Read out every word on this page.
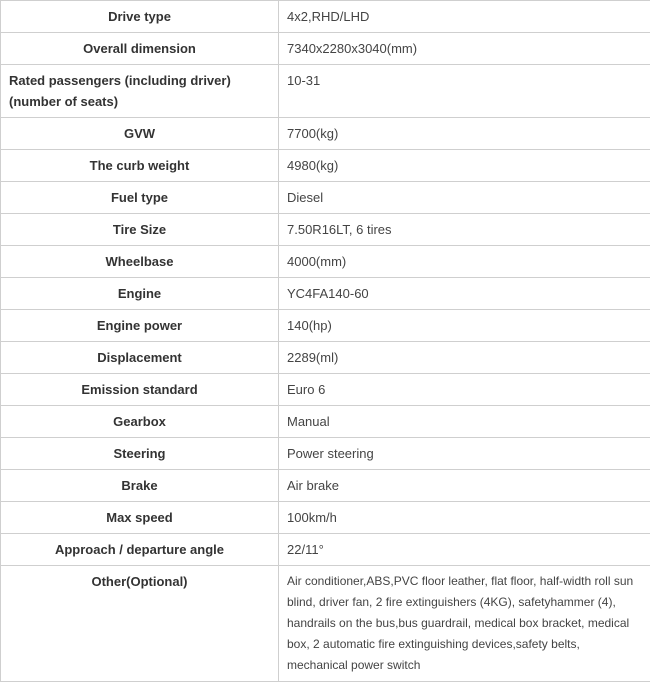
Drive type	4x2,RHD/LHD
Overall dimension	7340x2280x3040(mm)
Rated passengers (including driver) (number of seats)	10-31
GVW	7700(kg)
The curb weight	4980(kg)
Fuel type	Diesel
Tire Size	7.50R16LT, 6 tires
Wheelbase	4000(mm)
Engine	YC4FA140-60
Engine power	140(hp)
Displacement	2289(ml)
Emission standard	Euro 6
Gearbox	Manual
Steering	Power steering
Brake	Air brake
Max speed	100km/h
Approach / departure angle	22/11°
Other(Optional)	Air conditioner,ABS,PVC floor leather, flat floor, half-width roll sun blind, driver fan, 2 fire extinguishers (4KG), safetyhammer (4), handrails on the bus,bus guardrail, medical box bracket, medical box, 2 automatic fire extinguishing devices,safety belts, mechanical power switch
